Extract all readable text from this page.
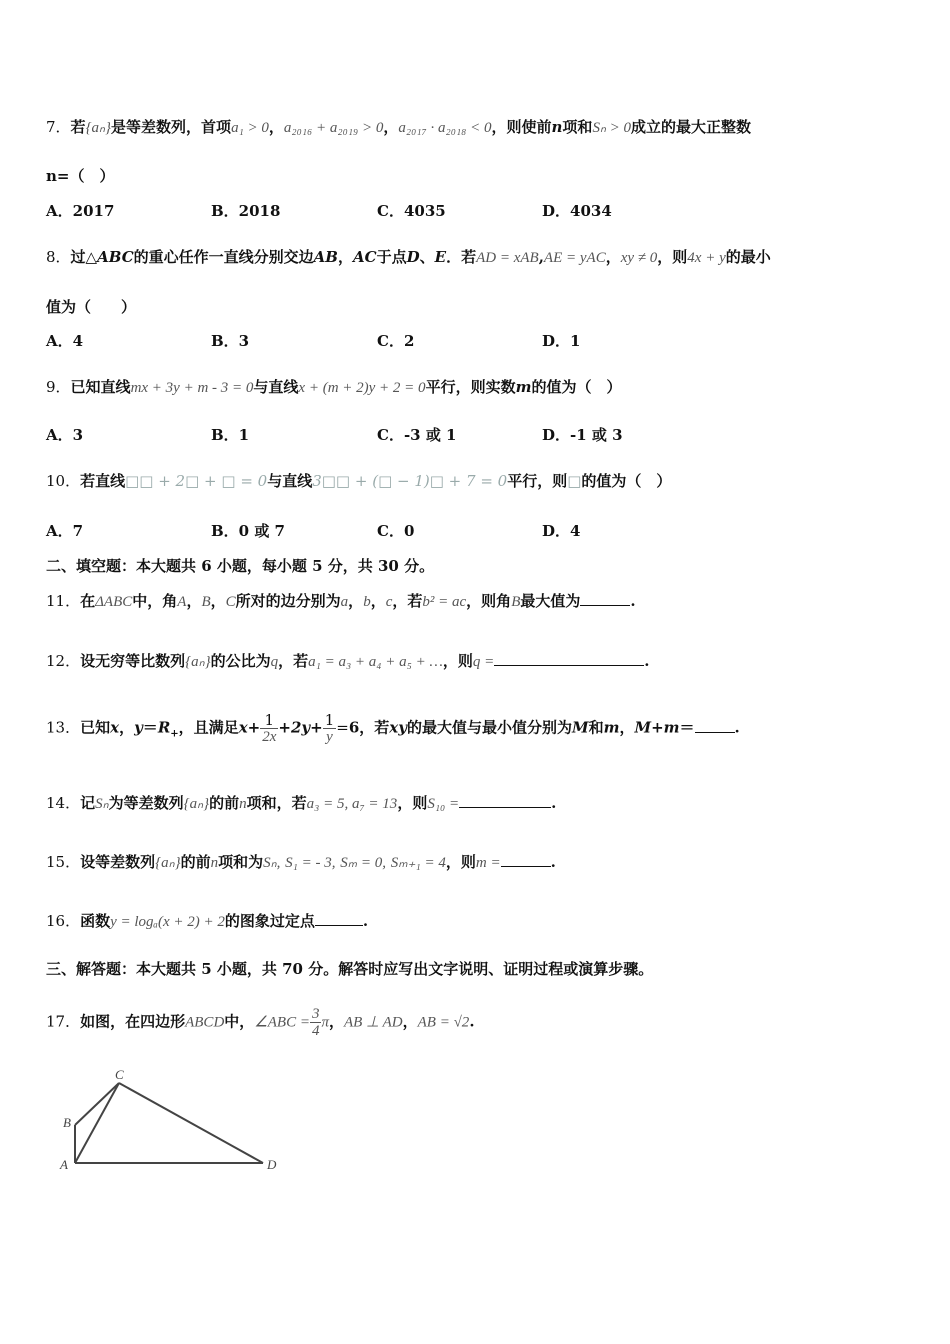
7．若{aₙ}是等差数列，首项a₁ > 0，a₂₀₁₆ + a₂₀₁₉ > 0，a₂₀₁₇ · a₂₀₁₈ < 0，则使前n项和Sₙ > 0成立的最大正整数
n=（　）
A．2017	B．2018	C．4035	D．4034
8．过△ABC的重心任作一直线分别交边AB，AC于点D、E．若AD = xAB,AE = yAC，xy ≠ 0，则4x + y的最小
值为（　　）
A．4	B．3	C．2	D．1
9．已知直线mx + 3y + m - 3 = 0与直线x + (m + 2)y + 2 = 0平行，则实数m的值为（　）
A．3	B．1	C．-3 或 1	D．-1 或 3
10．若直线□□ + 2□ + □ = 0与直线3□□ + (□ − 1)□ + 7 = 0平行，则□的值为（　）
A．7	B．0 或 7	C．0	D．4
二、填空题：本大题共 6 小题，每小题 5 分，共 30 分。
11．在ΔABC中，角A，B，C所对的边分别为a，b，c，若b² = ac，则角B最大值为	.
12．设无穷等比数列{aₙ}的公比为q，若a₁ = a₃ + a₄ + a₅ + …，则q =	.
13．已知x，$y=R_+$，且满足$x+ \frac{1}{2x} +2y+ \frac{1}{y} =6$，若xy的最大值与最小值分别为M和m，M+m＝	.
14．记Sₙ为等差数列{aₙ}的前n项和，若a₃ = 5, a₇ = 13，则S₁₀ =	.
15．设等差数列{aₙ}的前n项和为Sₙ, S₁ = - 3, Sₘ = 0, Sₘ₊₁ = 4，则m =	.
16．函数y = logₐ(x + 2) + 2的图象过定点	.
三、解答题：本大题共 5 小题，共 70 分。解答时应写出文字说明、证明过程或演算步骤。
17．如图，在四边形ABCD中，∠ABC = $\frac{3}{4}$ π，AB ⊥ AD，AB = √2.
A
B
C
D
